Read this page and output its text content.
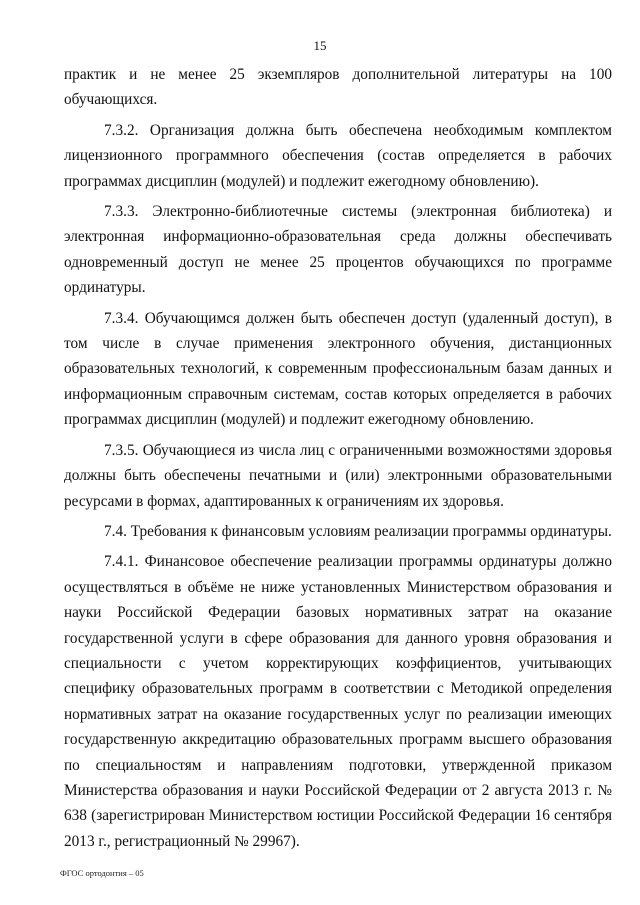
15

практик и не менее 25 экземпляров дополнительной литературы на 100 обучающихся.

7.3.2. Организация должна быть обеспечена необходимым комплектом лицензионного программного обеспечения (состав определяется в рабочих программах дисциплин (модулей) и подлежит ежегодному обновлению).

7.3.3. Электронно-библиотечные системы (электронная библиотека) и электронная информационно-образовательная среда должны обеспечивать одновременный доступ не менее 25 процентов обучающихся по программе ординатуры.

7.3.4. Обучающимся должен быть обеспечен доступ (удаленный доступ), в том числе в случае применения электронного обучения, дистанционных образовательных технологий, к современным профессиональным базам данных и информационным справочным системам, состав которых определяется в рабочих программах дисциплин (модулей) и подлежит ежегодному обновлению.

7.3.5. Обучающиеся из числа лиц с ограниченными возможностями здоровья должны быть обеспечены печатными и (или) электронными образовательными ресурсами в формах, адаптированных к ограничениям их здоровья.

7.4. Требования к финансовым условиям реализации программы ординатуры.

7.4.1. Финансовое обеспечение реализации программы ординатуры должно осуществляться в объёме не ниже установленных Министерством образования и науки Российской Федерации базовых нормативных затрат на оказание государственной услуги в сфере образования для данного уровня образования и специальности с учетом корректирующих коэффициентов, учитывающих специфику образовательных программ в соответствии с Методикой определения нормативных затрат на оказание государственных услуг по реализации имеющих государственную аккредитацию образовательных программ высшего образования по специальностям и направлениям подготовки, утвержденной приказом Министерства образования и науки Российской Федерации от 2 августа 2013 г. № 638 (зарегистрирован Министерством юстиции Российской Федерации 16 сентября 2013 г., регистрационный № 29967).

ФГОС ортодонтия – 05
